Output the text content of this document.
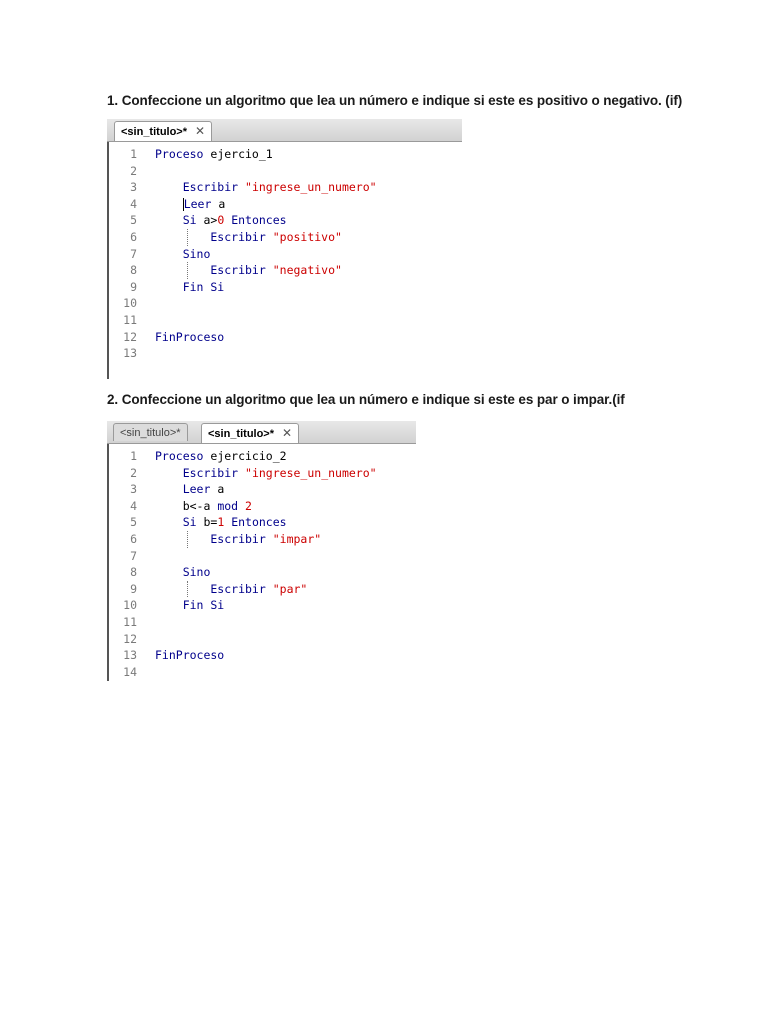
1. Confeccione un algoritmo que lea un número e indique si este es positivo o negativo. (if)
<sin_titulo>* ✕
1 Proceso ejercio_1
2
3    Escribir "ingrese_un_numero"
4	Leer a
5    Si a>0 Entonces
6        Escribir "positivo"
7    Sino
8        Escribir "negativo"
9    Fin Si
10
11
12 FinProceso
13
2. Confeccione un algoritmo que lea un número e indique si este es par o impar.(if
<sin_titulo>*	<sin_titulo>* ✕
1 Proceso ejercicio_2
2    Escribir "ingrese_un_numero"
3    Leer a
4    b<-a mod 2
5    Si b=1 Entonces
6        Escribir "impar"
7
8    Sino
9        Escribir "par"
10    Fin Si
11
12
13 FinProceso
14
